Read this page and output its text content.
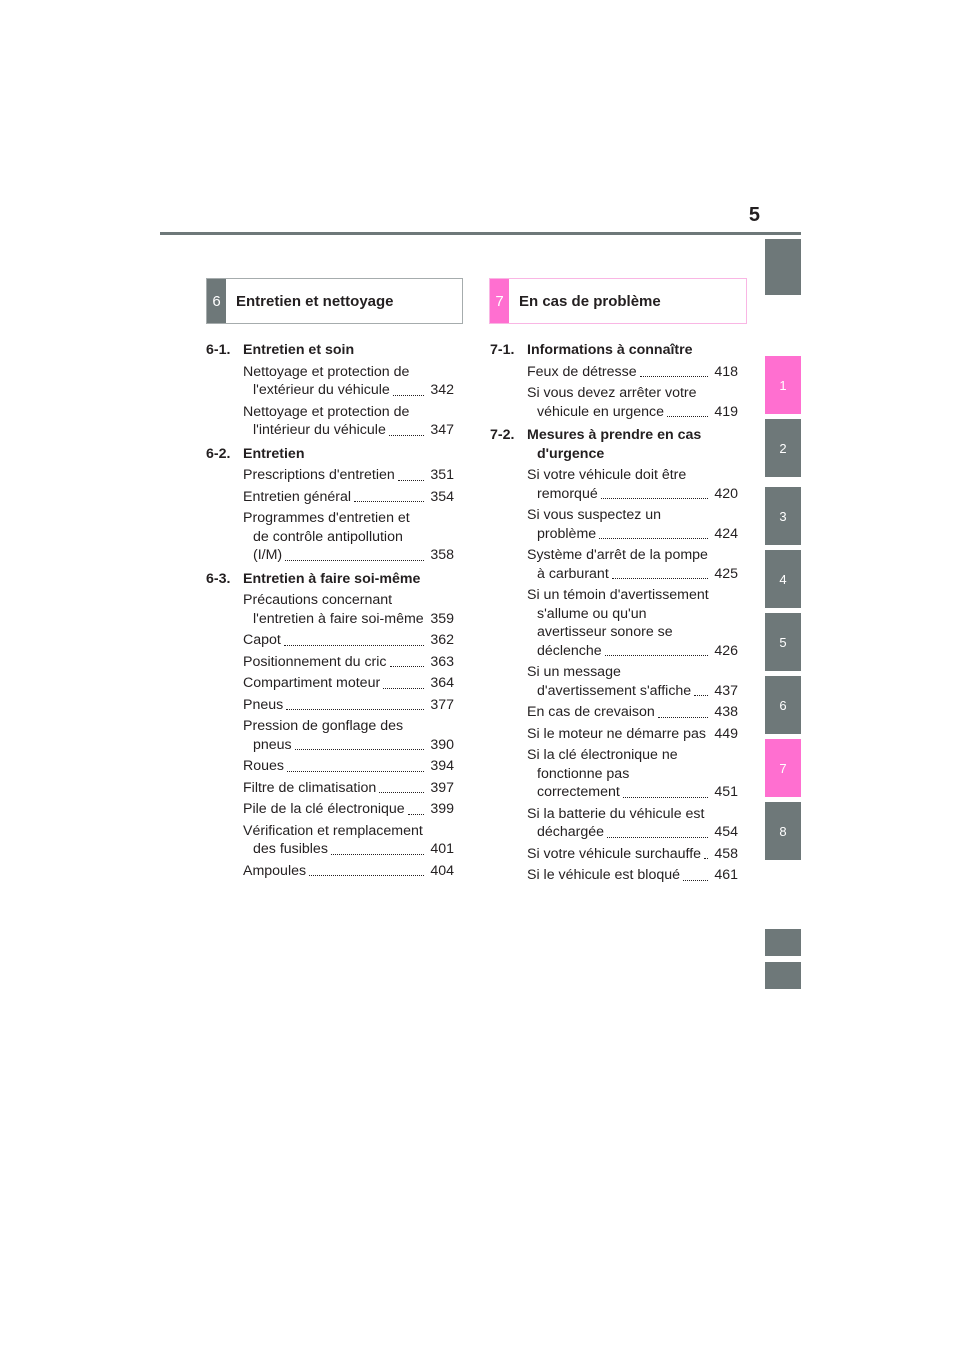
5
1
2
3
4
5
6
7
8
6	Entretien et nettoyage	7	En cas de problème
6-1. Entretien et soin
Nettoyage et protection de l'extérieur du véhicule	342
Nettoyage et protection de l'intérieur du véhicule	347
6-2. Entretien
Prescriptions d'entretien	351
Entretien général	354
Programmes d'entretien et de contrôle antipollution (I/M)	358
6-3. Entretien à faire soi-même
Précautions concernant l'entretien à faire soi-même 359
Capot	362
Positionnement du cric	363
Compartiment moteur	364
Pneus	377
Pression de gonflage des pneus	390
Roues	394
Filtre de climatisation	397
Pile de la clé électronique 399
Vérification et remplacement des fusibles	401
Ampoules	404
7-1. Informations à connaître
Feux de détresse	418
Si vous devez arrêter votre véhicule en urgence	419
7-2. Mesures à prendre en cas d'urgence
Si votre véhicule doit être remorqué	420
Si vous suspectez un problème	424
Système d'arrêt de la pompe à carburant	425
Si un témoin d'avertissement s'allume ou qu'un avertisseur sonore se déclenche	426
Si un message d'avertissement s'affiche 437
En cas de crevaison	438
Si le moteur ne démarre pas 449
Si la clé électronique ne fonctionne pas correctement	451
Si la batterie du véhicule est déchargée	454
Si votre véhicule surchauffe 458
Si le véhicule est bloqué 461
